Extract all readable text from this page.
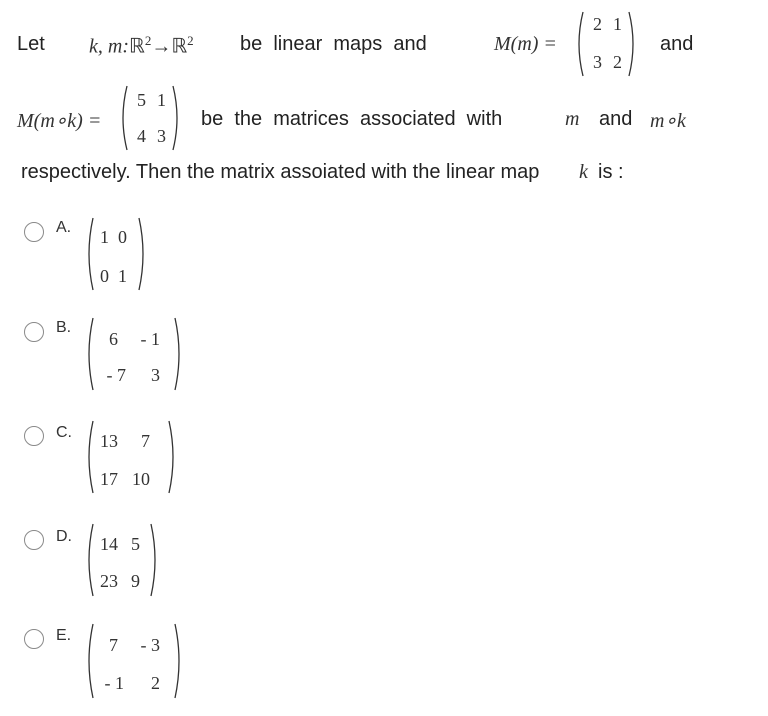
Let k, m:ℝ$^2$→ℝ$^2$ be  linear  maps  and	M(m) =
2 1
3 2
and
M(m∘k) =
5 1
4 3
be  the  matrices  associated  with	m and m∘k
respectively. Then the matrix assoiated with the linear map k is :
A. 1 0
0 1
B.
6	- 1
- 7	3
C.	13	7
17 10
D.	14 5
23 9
E.	7	- 3
- 1	2
